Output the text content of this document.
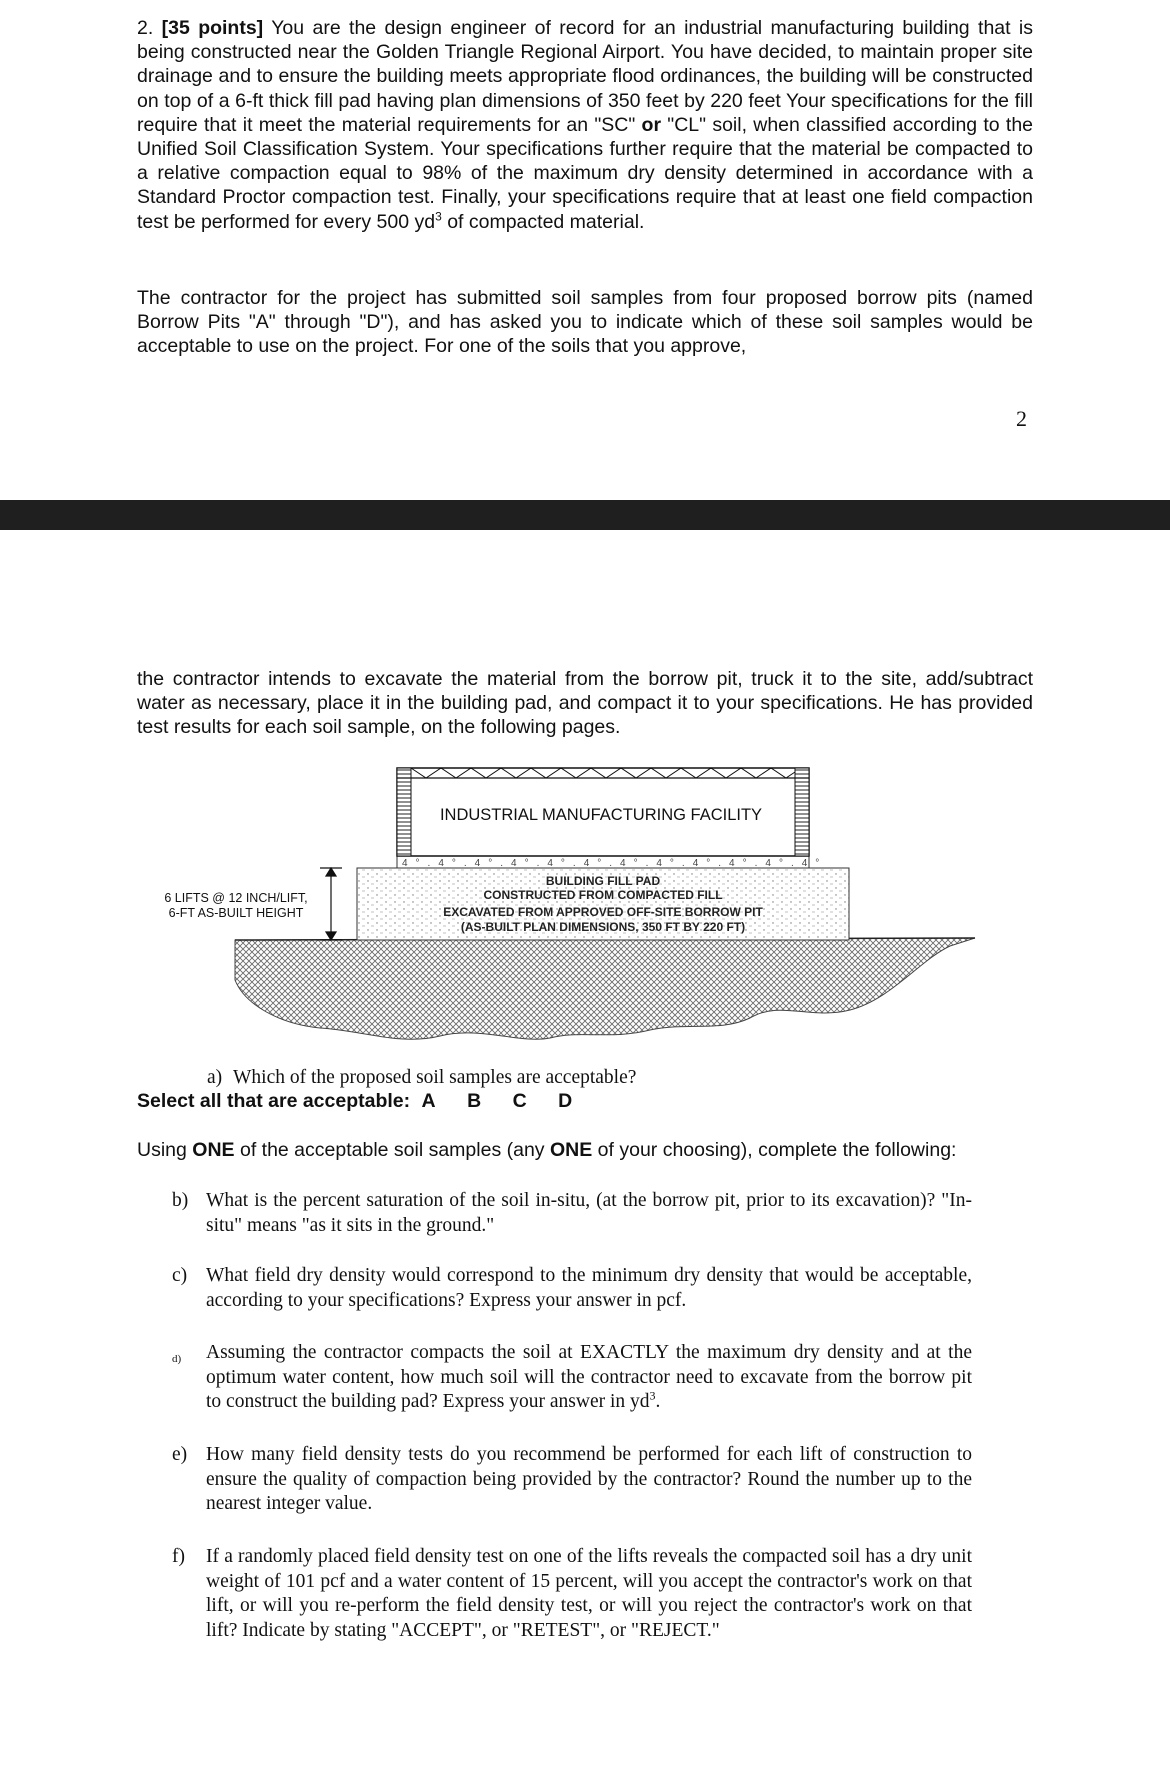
2. [35 points] You are the design engineer of record for an industrial manufacturing building that is being constructed near the Golden Triangle Regional Airport. You have decided, to maintain proper site drainage and to ensure the building meets appropriate flood ordinances, the building will be constructed on top of a 6-ft thick fill pad having plan dimensions of 350 feet by 220 feet Your specifications for the fill require that it meet the material requirements for an "SC" or "CL" soil, when classified according to the Unified Soil Classification System. Your specifications further require that the material be compacted to a relative compaction equal to 98% of the maximum dry density determined in accordance with a Standard Proctor compaction test. Finally, your specifications require that at least one field compaction test be performed for every 500 $yd^3$ of compacted material.

The contractor for the project has submitted soil samples from four proposed borrow pits (named Borrow Pits "A" through "D"), and has asked you to indicate which of these soil samples would be acceptable to use on the project. For one of the soils that you approve,

2

the contractor intends to excavate the material from the borrow pit, truck it to the site, add/subtract water as necessary, place it in the building pad, and compact it to your specifications. He has provided test results for each soil sample, on the following pages.

4°.4°.4°.4°.4°.4°.4°.4°.4°.4°.4°.4°
INDUSTRIAL MANUFACTURING FACILITY
BUILDING FILL PAD
CONSTRUCTED FROM COMPACTED FILL
EXCAVATED FROM APPROVED OFF-SITE BORROW PIT
(AS-BUILT PLAN DIMENSIONS, 350 FT BY 220 FT)
6 LIFTS @ 12 INCH/LIFT,
6-FT AS-BUILT HEIGHT
a) Which of the proposed soil samples are acceptable?
Select all that are acceptable: A B C D
Using ONE of the acceptable soil samples (any ONE of your choosing), complete the following:
b) What is the percent saturation of the soil in-situ, (at the borrow pit, prior to its excavation)? "In-situ" means "as it sits in the ground."
c) What field dry density would correspond to the minimum dry density that would be acceptable, according to your specifications? Express your answer in pcf.
d) Assuming the contractor compacts the soil at EXACTLY the maximum dry density and at the optimum water content, how much soil will the contractor need to excavate from the borrow pit to construct the building pad? Express your answer in $yd^3$.
e) How many field density tests do you recommend be performed for each lift of construction to ensure the quality of compaction being provided by the contractor? Round the number up to the nearest integer value.
f) If a randomly placed field density test on one of the lifts reveals the compacted soil has a dry unit weight of 101 pcf and a water content of 15 percent, will you accept the contractor's work on that lift, or will you re-perform the field density test, or will you reject the contractor's work on that lift? Indicate by stating "ACCEPT", or "RETEST", or "REJECT."
